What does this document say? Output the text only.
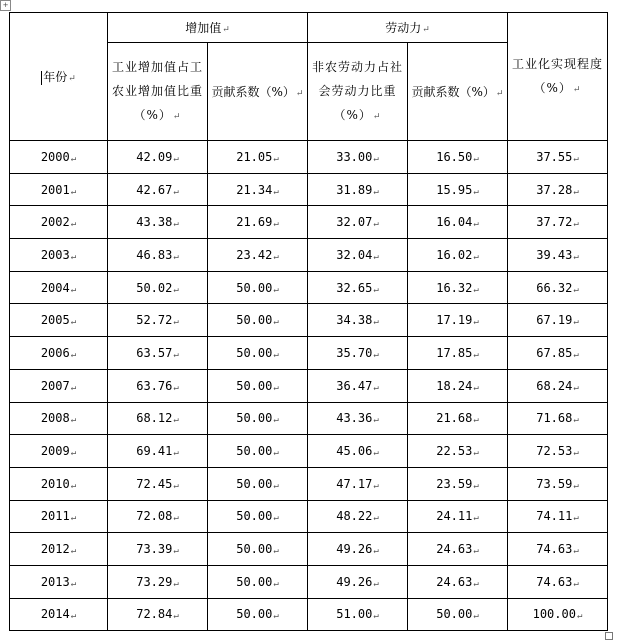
+
年份↵	增加值↵		劳动力↵		工业化实现程度（%）↵
	工业增加值占工农业增加值比重（%）↵	贡献系数（%）↵	非农劳动力占社会劳动力比重（%）↵	贡献系数（%）↵	
2000↵	42.09↵	21.05↵	33.00↵	16.50↵	37.55↵
2001↵	42.67↵	21.34↵	31.89↵	15.95↵	37.28↵
2002↵	43.38↵	21.69↵	32.07↵	16.04↵	37.72↵
2003↵	46.83↵	23.42↵	32.04↵	16.02↵	39.43↵
2004↵	50.02↵	50.00↵	32.65↵	16.32↵	66.32↵
2005↵	52.72↵	50.00↵	34.38↵	17.19↵	67.19↵
2006↵	63.57↵	50.00↵	35.70↵	17.85↵	67.85↵
2007↵	63.76↵	50.00↵	36.47↵	18.24↵	68.24↵
2008↵	68.12↵	50.00↵	43.36↵	21.68↵	71.68↵
2009↵	69.41↵	50.00↵	45.06↵	22.53↵	72.53↵
2010↵	72.45↵	50.00↵	47.17↵	23.59↵	73.59↵
2011↵	72.08↵	50.00↵	48.22↵	24.11↵	74.11↵
2012↵	73.39↵	50.00↵	49.26↵	24.63↵	74.63↵
2013↵	73.29↵	50.00↵	49.26↵	24.63↵	74.63↵
2014↵	72.84↵	50.00↵	51.00↵	50.00↵	100.00↵
